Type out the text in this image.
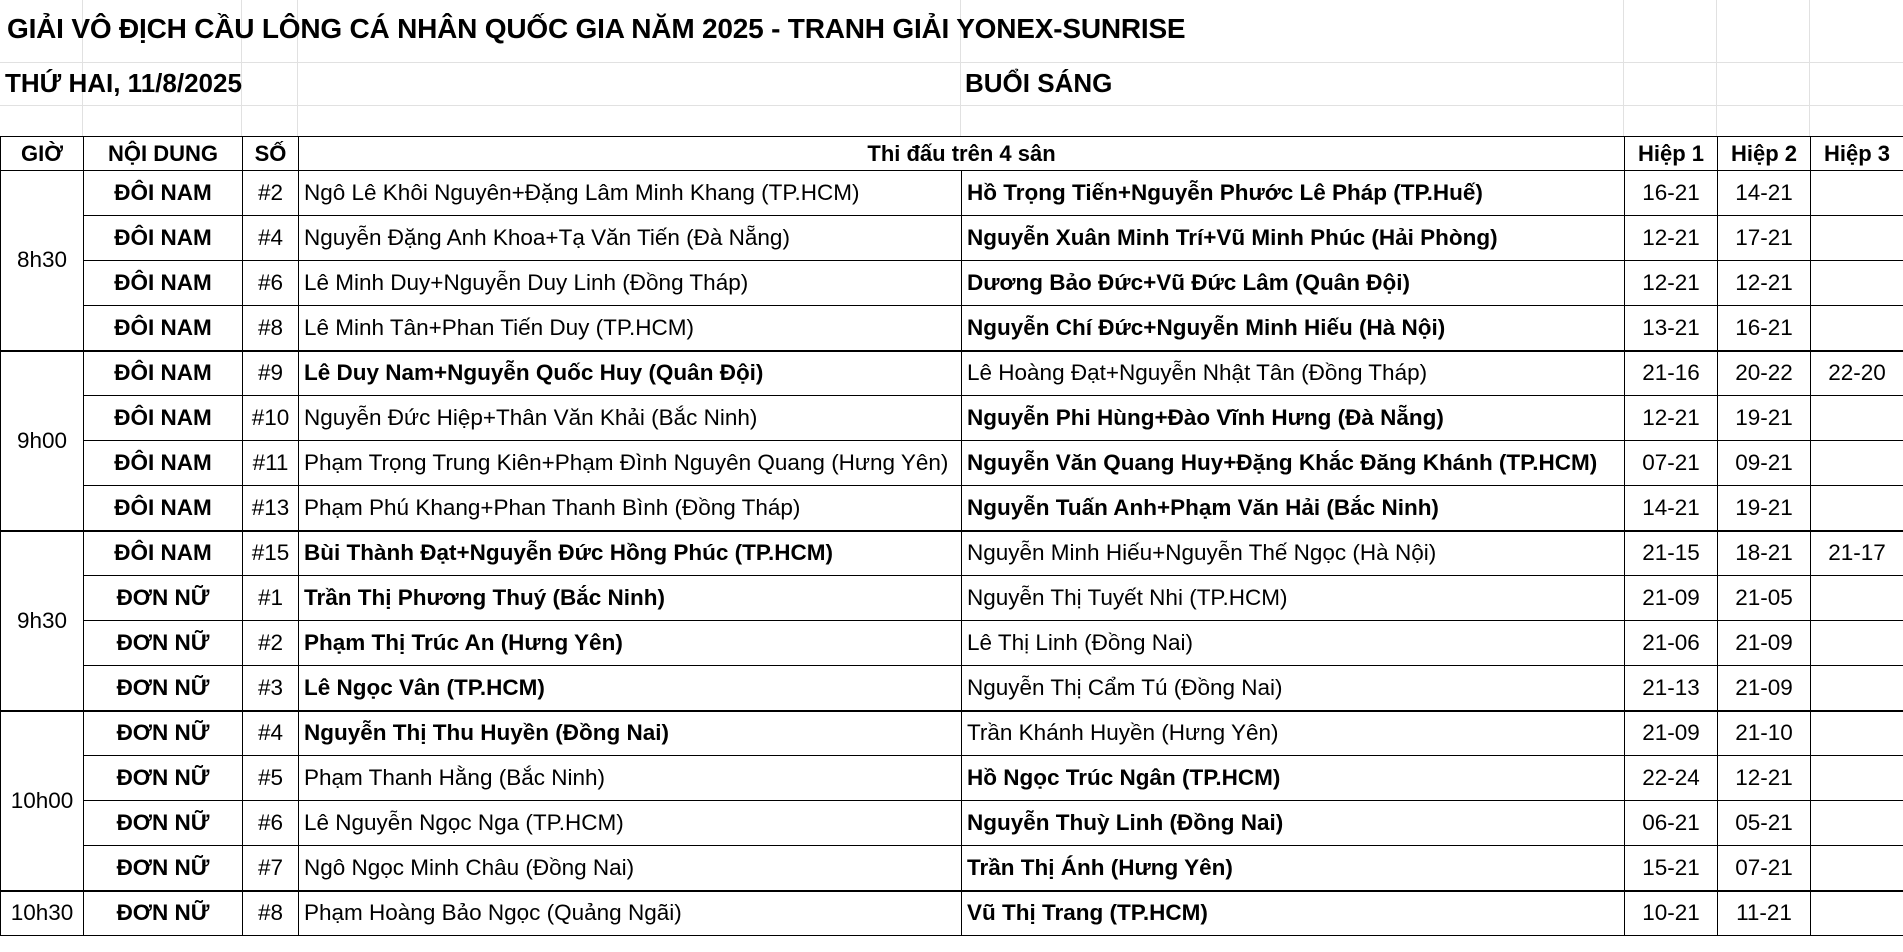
GIẢI VÔ ĐỊCH CẦU LÔNG CÁ NHÂN QUỐC GIA NĂM 2025 - TRANH GIẢI YONEX-SUNRISE
THỨ HAI, 11/8/2025	BUỔI SÁNG
GIỜ	NỘI DUNG	SỐ	Thi đấu trên 4 sân		Hiệp 1	Hiệp 2	Hiệp 3
8h30	ĐÔI NAM	#2	Ngô Lê Khôi Nguyên+Đặng Lâm Minh Khang (TP.HCM)	Hồ Trọng Tiến+Nguyễn Phước Lê Pháp (TP.Huế)	16-21	14-21	
	ĐÔI NAM	#4	Nguyễn Đặng Anh Khoa+Tạ Văn Tiến (Đà Nẵng)	Nguyễn Xuân Minh Trí+Vũ Minh Phúc (Hải Phòng)	12-21	17-21	
	ĐÔI NAM	#6	Lê Minh Duy+Nguyễn Duy Linh (Đồng Tháp)	Dương Bảo Đức+Vũ Đức Lâm (Quân Đội)	12-21	12-21	
	ĐÔI NAM	#8	Lê Minh Tân+Phan Tiến Duy (TP.HCM)	Nguyễn Chí Đức+Nguyễn Minh Hiếu (Hà Nội)	13-21	16-21	
9h00	ĐÔI NAM	#9	Lê Duy Nam+Nguyễn Quốc Huy (Quân Đội)	Lê Hoàng Đạt+Nguyễn Nhật Tân (Đồng Tháp)	21-16	20-22	22-20
	ĐÔI NAM	#10	Nguyễn Đức Hiệp+Thân Văn Khải (Bắc Ninh)	Nguyễn Phi Hùng+Đào Vĩnh Hưng (Đà Nẵng)	12-21	19-21	
	ĐÔI NAM	#11	Phạm Trọng Trung Kiên+Phạm Đình Nguyên Quang (Hưng Yên)	Nguyễn Văn Quang Huy+Đặng Khắc Đăng Khánh (TP.HCM)	07-21	09-21	
	ĐÔI NAM	#13	Phạm Phú Khang+Phan Thanh Bình (Đồng Tháp)	Nguyễn Tuấn Anh+Phạm Văn Hải (Bắc Ninh)	14-21	19-21	
9h30	ĐÔI NAM	#15	Bùi Thành Đạt+Nguyễn Đức Hồng Phúc (TP.HCM)	Nguyễn Minh Hiếu+Nguyễn Thế Ngọc (Hà Nội)	21-15	18-21	21-17
	ĐƠN NỮ	#1	Trần Thị Phương Thuý (Bắc Ninh)	Nguyễn Thị Tuyết Nhi (TP.HCM)	21-09	21-05	
	ĐƠN NỮ	#2	Phạm Thị Trúc An (Hưng Yên)	Lê Thị Linh (Đồng Nai)	21-06	21-09	
	ĐƠN NỮ	#3	Lê Ngọc Vân (TP.HCM)	Nguyễn Thị Cẩm Tú (Đồng Nai)	21-13	21-09	
10h00	ĐƠN NỮ	#4	Nguyễn Thị Thu Huyền (Đồng Nai)	Trần Khánh Huyền (Hưng Yên)	21-09	21-10	
	ĐƠN NỮ	#5	Phạm Thanh Hằng (Bắc Ninh)	Hồ Ngọc Trúc Ngân (TP.HCM)	22-24	12-21	
	ĐƠN NỮ	#6	Lê Nguyễn Ngọc Nga (TP.HCM)	Nguyễn Thuỳ Linh (Đồng Nai)	06-21	05-21	
	ĐƠN NỮ	#7	Ngô Ngọc Minh Châu (Đồng Nai)	Trần Thị Ánh (Hưng Yên)	15-21	07-21	
10h30	ĐƠN NỮ	#8	Phạm Hoàng Bảo Ngọc (Quảng Ngãi)	Vũ Thị Trang (TP.HCM)	10-21	11-21	
